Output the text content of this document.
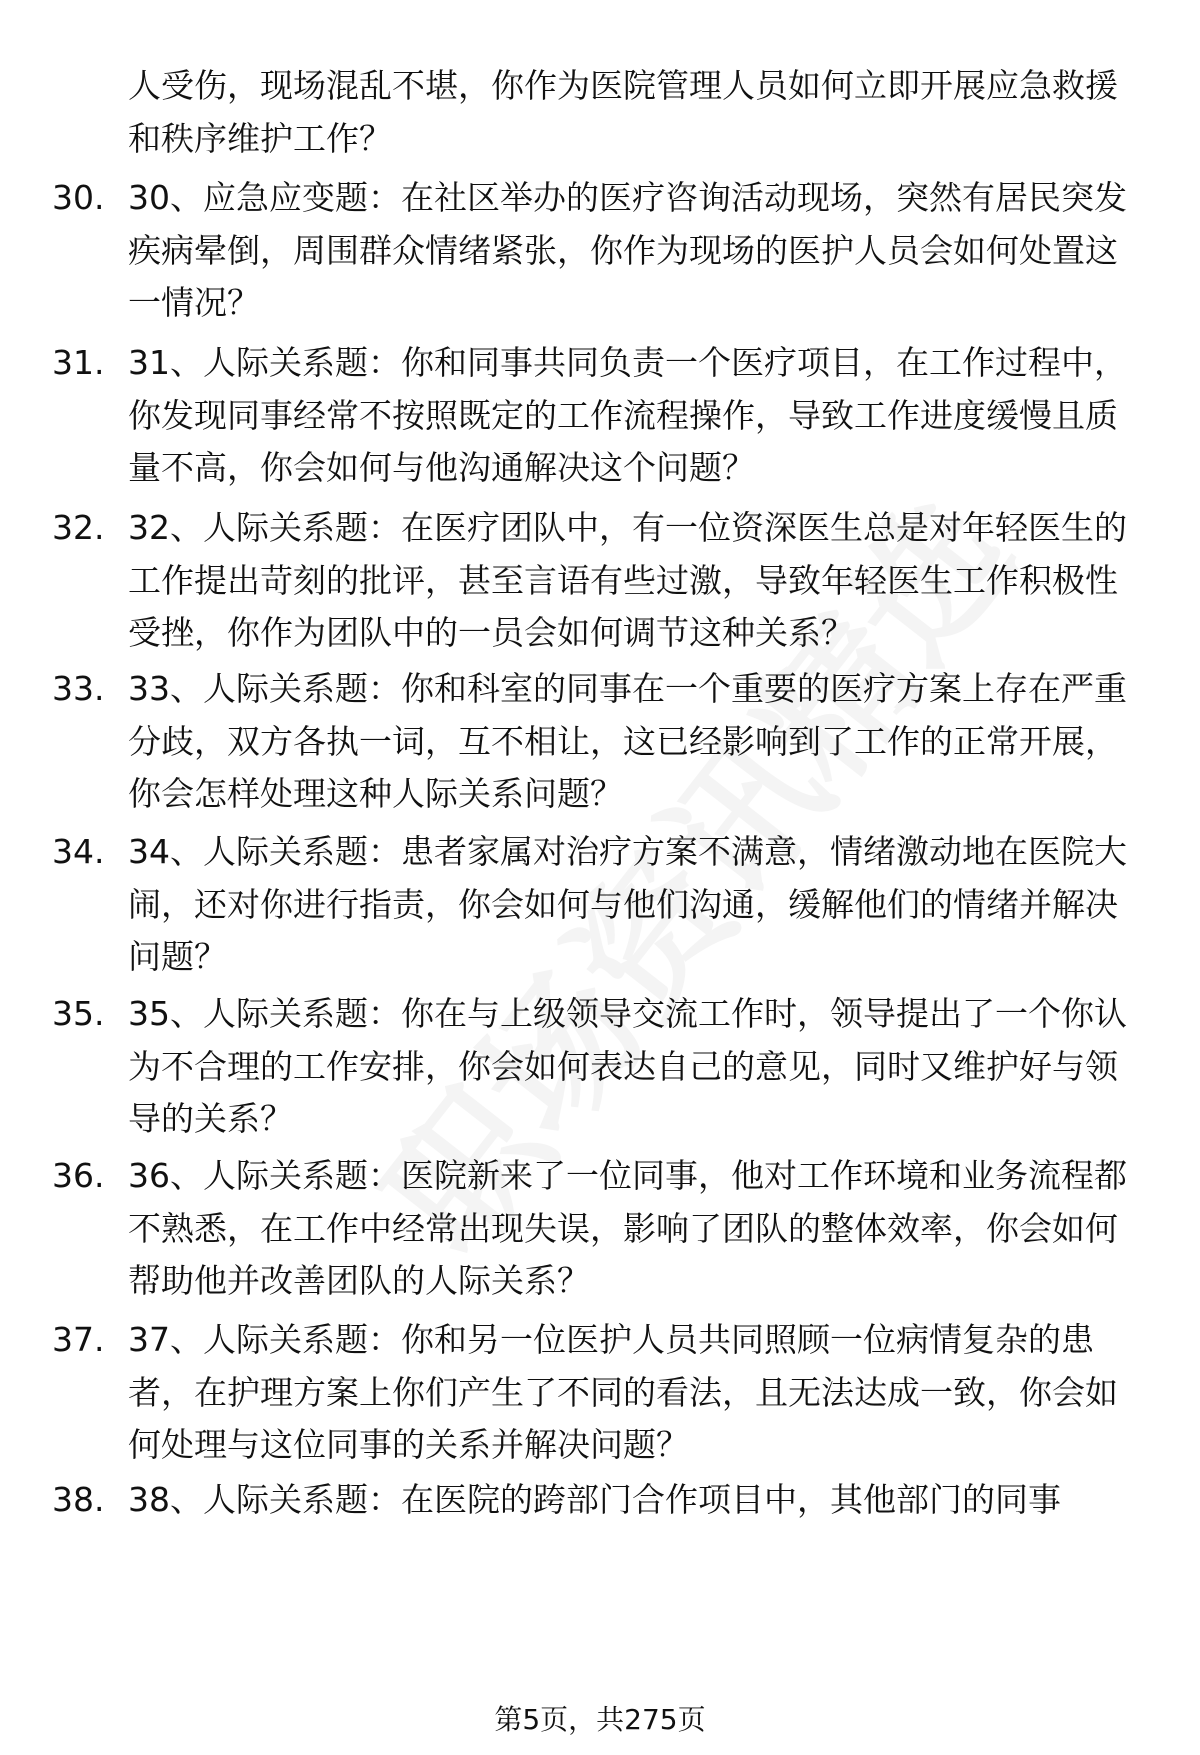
人受伤，现场混乱不堪，你作为医院管理人员如何立即开展应急救援和秩序维护工作？
30. 30、应急应变题：在社区举办的医疗咨询活动现场，突然有居民突发疾病晕倒，周围群众情绪紧张，你作为现场的医护人员会如何处置这一情况？
31. 31、人际关系题：你和同事共同负责一个医疗项目，在工作过程中，你发现同事经常不按照既定的工作流程操作，导致工作进度缓慢且质量不高，你会如何与他沟通解决这个问题？
32. 32、人际关系题：在医疗团队中，有一位资深医生总是对年轻医生的工作提出苛刻的批评，甚至言语有些过激，导致年轻医生工作积极性受挫，你作为团队中的一员会如何调节这种关系？
33. 33、人际关系题：你和科室的同事在一个重要的医疗方案上存在严重分歧，双方各执一词，互不相让，这已经影响到了工作的正常开展，你会怎样处理这种人际关系问题？
34. 34、人际关系题：患者家属对治疗方案不满意，情绪激动地在医院大闹，还对你进行指责，你会如何与他们沟通，缓解他们的情绪并解决问题？
35. 35、人际关系题：你在与上级领导交流工作时，领导提出了一个你认为不合理的工作安排，你会如何表达自己的意见，同时又维护好与领导的关系？
36. 36、人际关系题：医院新来了一位同事，他对工作环境和业务流程都不熟悉，在工作中经常出现失误，影响了团队的整体效率，你会如何帮助他并改善团队的人际关系？
37. 37、人际关系题：你和另一位医护人员共同照顾一位病情复杂的患者，在护理方案上你们产生了不同的看法，且无法达成一致，你会如何处理与这位同事的关系并解决问题？
38. 38、人际关系题：在医院的跨部门合作项目中，其他部门的同事
第5页，共275页
